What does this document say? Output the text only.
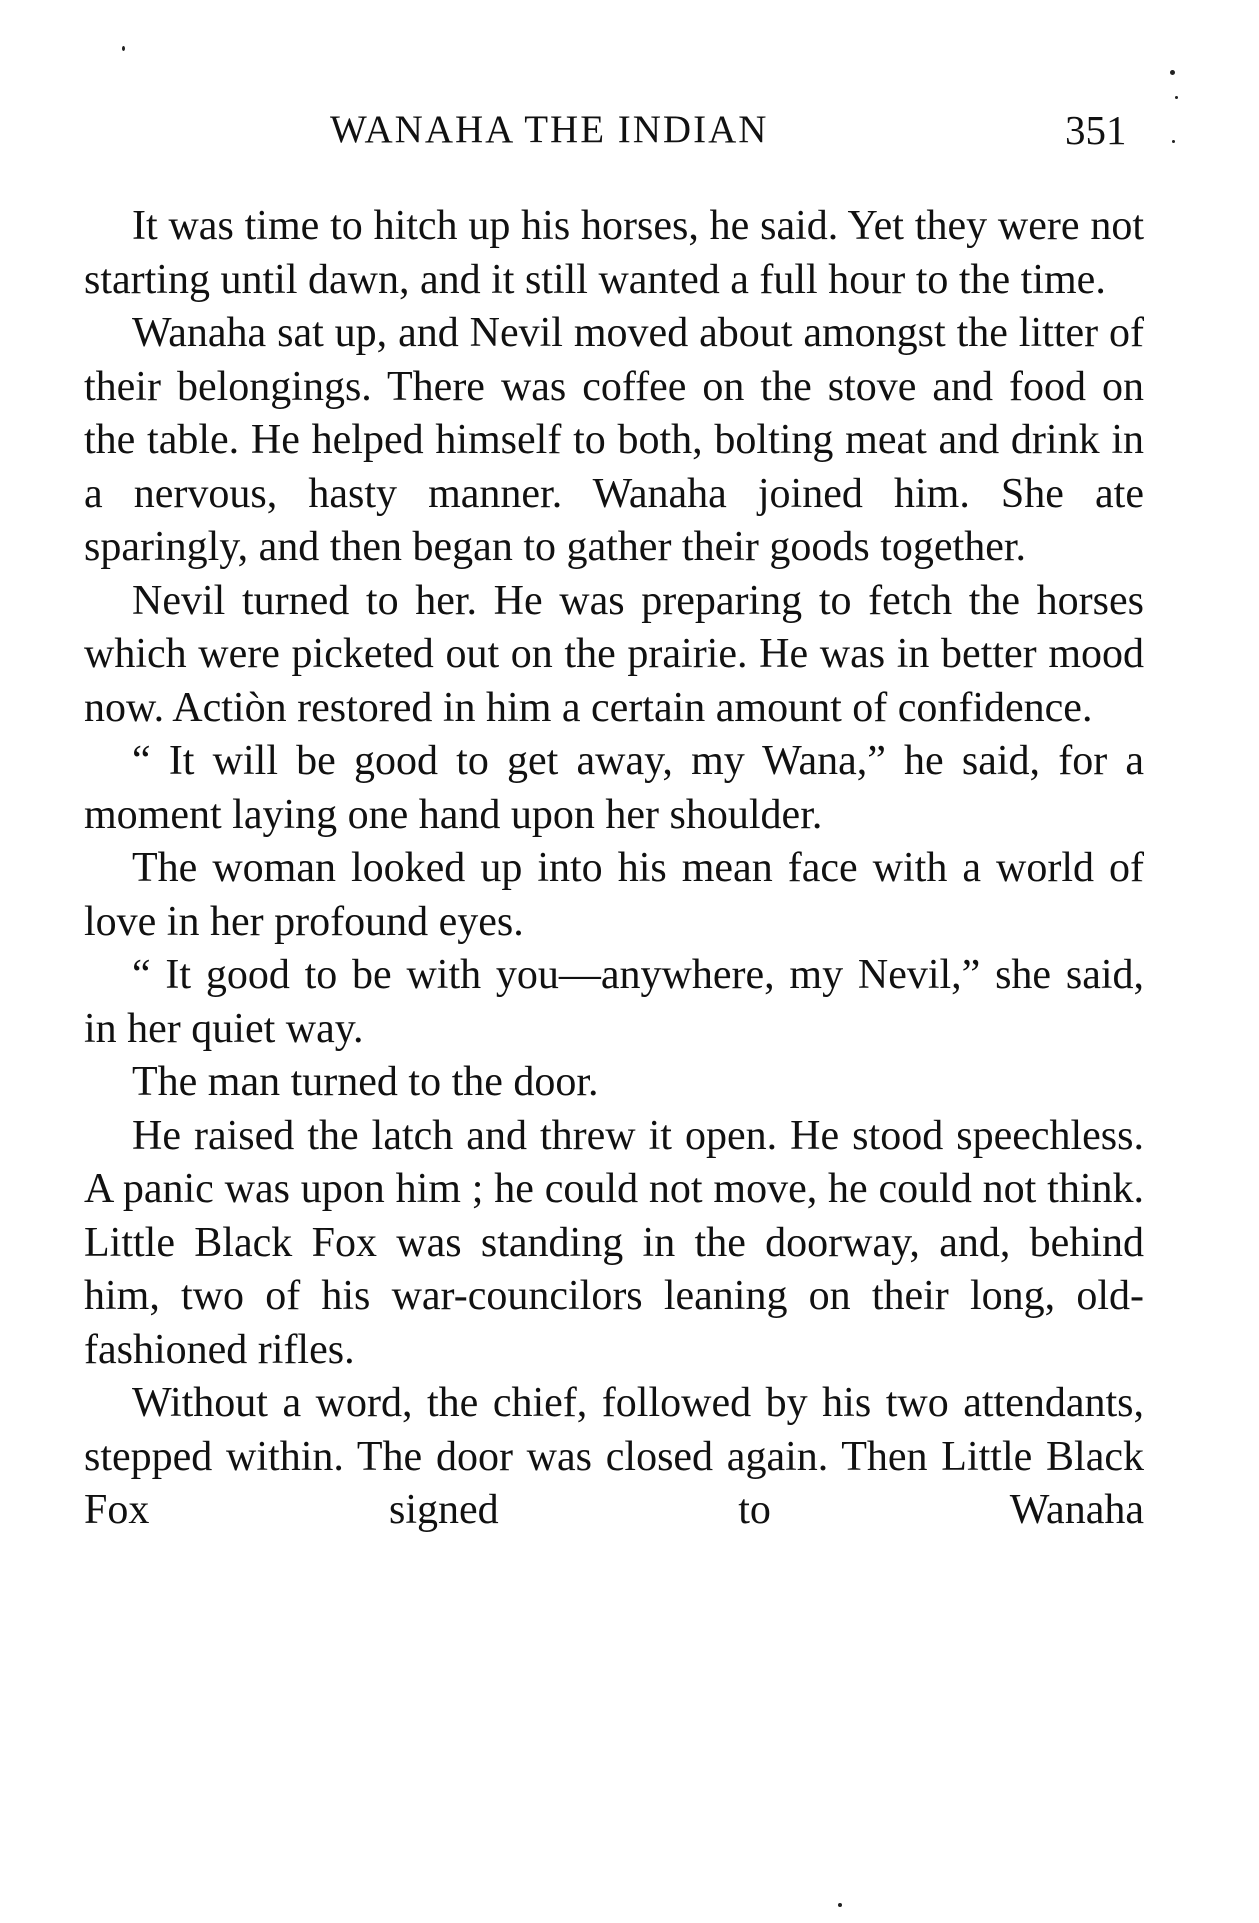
WANAHA THE INDIAN	351

It was time to hitch up his horses, he said. Yet they were not starting until dawn, and it still wanted a full hour to the time.

Wanaha sat up, and Nevil moved about amongst the litter of their belongings. There was coffee on the stove and food on the table. He helped himself to both, bolting meat and drink in a nervous, hasty manner. Wanaha joined him. She ate sparingly, and then began to gather their goods together.

Nevil turned to her. He was preparing to fetch the horses which were picketed out on the prairie. He was in better mood now. Actiòn restored in him a certain amount of confidence.

“ It will be good to get away, my Wana,” he said, for a moment laying one hand upon her shoulder.

The woman looked up into his mean face with a world of love in her profound eyes.

“ It good to be with you—anywhere, my Nevil,” she said, in her quiet way.

The man turned to the door.

He raised the latch and threw it open. He stood speechless. A panic was upon him ; he could not move, he could not think. Little Black Fox was standing in the doorway, and, behind him, two of his war-councilors leaning on their long, old-fashioned rifles.

Without a word, the chief, followed by his two attendants, stepped within. The door was closed again. Then Little Black Fox signed to Wanaha
